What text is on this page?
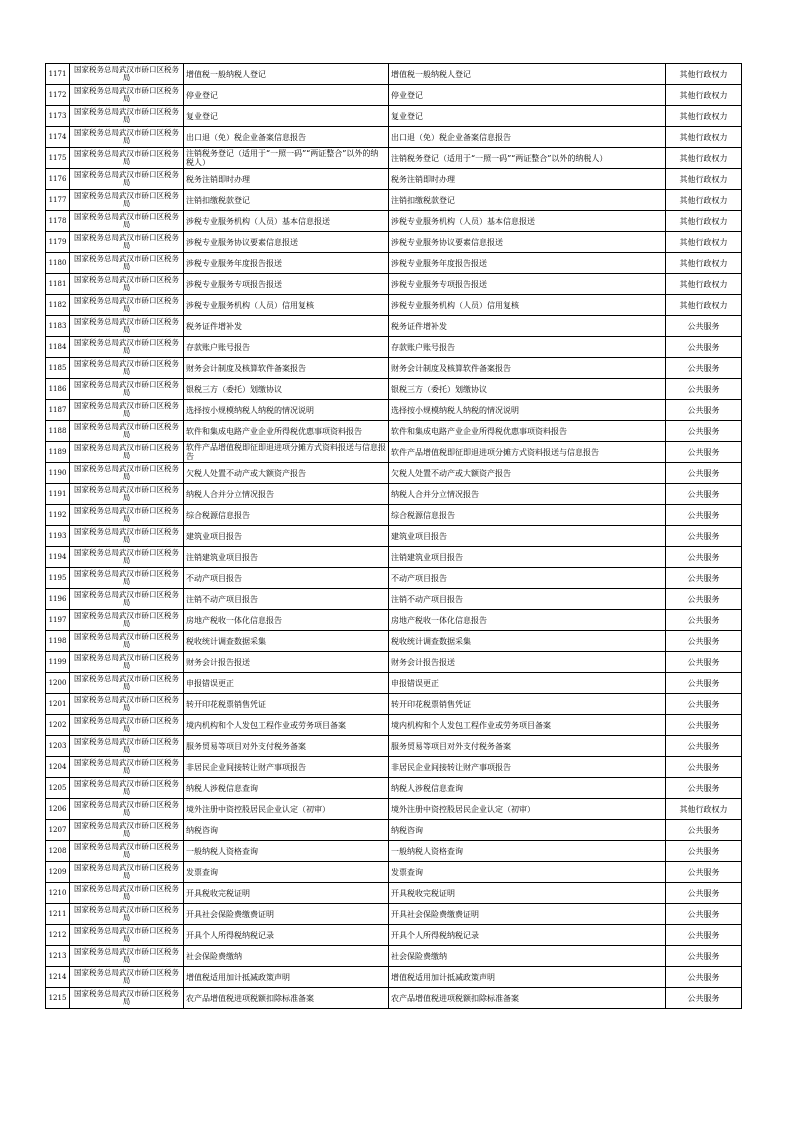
1171	国家税务总局武汉市硚口区税务局	增值税一般纳税人登记	增值税一般纳税人登记	其他行政权力
1172	国家税务总局武汉市硚口区税务局	停业登记	停业登记	其他行政权力
1173	国家税务总局武汉市硚口区税务局	复业登记	复业登记	其他行政权力
1174	国家税务总局武汉市硚口区税务局	出口退（免）税企业备案信息报告	出口退（免）税企业备案信息报告	其他行政权力
1175	国家税务总局武汉市硚口区税务局	注销税务登记（适用于“一照一码”“两证整合”以外的纳税人）	注销税务登记（适用于“一照一码”“两证整合”以外的纳税人）	其他行政权力
1176	国家税务总局武汉市硚口区税务局	税务注销即时办理	税务注销即时办理	其他行政权力
1177	国家税务总局武汉市硚口区税务局	注销扣缴税款登记	注销扣缴税款登记	其他行政权力
1178	国家税务总局武汉市硚口区税务局	涉税专业服务机构（人员）基本信息报送	涉税专业服务机构（人员）基本信息报送	其他行政权力
1179	国家税务总局武汉市硚口区税务局	涉税专业服务协议要素信息报送	涉税专业服务协议要素信息报送	其他行政权力
1180	国家税务总局武汉市硚口区税务局	涉税专业服务年度报告报送	涉税专业服务年度报告报送	其他行政权力
1181	国家税务总局武汉市硚口区税务局	涉税专业服务专项报告报送	涉税专业服务专项报告报送	其他行政权力
1182	国家税务总局武汉市硚口区税务局	涉税专业服务机构（人员）信用复核	涉税专业服务机构（人员）信用复核	其他行政权力
1183	国家税务总局武汉市硚口区税务局	税务证件增补发	税务证件增补发	公共服务
1184	国家税务总局武汉市硚口区税务局	存款账户账号报告	存款账户账号报告	公共服务
1185	国家税务总局武汉市硚口区税务局	财务会计制度及核算软件备案报告	财务会计制度及核算软件备案报告	公共服务
1186	国家税务总局武汉市硚口区税务局	银税三方（委托）划缴协议	银税三方（委托）划缴协议	公共服务
1187	国家税务总局武汉市硚口区税务局	选择按小规模纳税人纳税的情况说明	选择按小规模纳税人纳税的情况说明	公共服务
1188	国家税务总局武汉市硚口区税务局	软件和集成电路产业企业所得税优惠事项资料报告	软件和集成电路产业企业所得税优惠事项资料报告	公共服务
1189	国家税务总局武汉市硚口区税务局	软件产品增值税即征即退进项分摊方式资料报送与信息报告	软件产品增值税即征即退进项分摊方式资料报送与信息报告	公共服务
1190	国家税务总局武汉市硚口区税务局	欠税人处置不动产或大额资产报告	欠税人处置不动产或大额资产报告	公共服务
1191	国家税务总局武汉市硚口区税务局	纳税人合并分立情况报告	纳税人合并分立情况报告	公共服务
1192	国家税务总局武汉市硚口区税务局	综合税源信息报告	综合税源信息报告	公共服务
1193	国家税务总局武汉市硚口区税务局	建筑业项目报告	建筑业项目报告	公共服务
1194	国家税务总局武汉市硚口区税务局	注销建筑业项目报告	注销建筑业项目报告	公共服务
1195	国家税务总局武汉市硚口区税务局	不动产项目报告	不动产项目报告	公共服务
1196	国家税务总局武汉市硚口区税务局	注销不动产项目报告	注销不动产项目报告	公共服务
1197	国家税务总局武汉市硚口区税务局	房地产税收一体化信息报告	房地产税收一体化信息报告	公共服务
1198	国家税务总局武汉市硚口区税务局	税收统计调查数据采集	税收统计调查数据采集	公共服务
1199	国家税务总局武汉市硚口区税务局	财务会计报告报送	财务会计报告报送	公共服务
1200	国家税务总局武汉市硚口区税务局	申报错误更正	申报错误更正	公共服务
1201	国家税务总局武汉市硚口区税务局	转开印花税票销售凭证	转开印花税票销售凭证	公共服务
1202	国家税务总局武汉市硚口区税务局	境内机构和个人发包工程作业或劳务项目备案	境内机构和个人发包工程作业或劳务项目备案	公共服务
1203	国家税务总局武汉市硚口区税务局	服务贸易等项目对外支付税务备案	服务贸易等项目对外支付税务备案	公共服务
1204	国家税务总局武汉市硚口区税务局	非居民企业间接转让财产事项报告	非居民企业间接转让财产事项报告	公共服务
1205	国家税务总局武汉市硚口区税务局	纳税人涉税信息查询	纳税人涉税信息查询	公共服务
1206	国家税务总局武汉市硚口区税务局	境外注册中资控股居民企业认定（初审）	境外注册中资控股居民企业认定（初审）	其他行政权力
1207	国家税务总局武汉市硚口区税务局	纳税咨询	纳税咨询	公共服务
1208	国家税务总局武汉市硚口区税务局	一般纳税人资格查询	一般纳税人资格查询	公共服务
1209	国家税务总局武汉市硚口区税务局	发票查询	发票查询	公共服务
1210	国家税务总局武汉市硚口区税务局	开具税收完税证明	开具税收完税证明	公共服务
1211	国家税务总局武汉市硚口区税务局	开具社会保险费缴费证明	开具社会保险费缴费证明	公共服务
1212	国家税务总局武汉市硚口区税务局	开具个人所得税纳税记录	开具个人所得税纳税记录	公共服务
1213	国家税务总局武汉市硚口区税务局	社会保险费缴纳	社会保险费缴纳	公共服务
1214	国家税务总局武汉市硚口区税务局	增值税适用加计抵减政策声明	增值税适用加计抵减政策声明	公共服务
1215	国家税务总局武汉市硚口区税务局	农产品增值税进项税额扣除标准备案	农产品增值税进项税额扣除标准备案	公共服务
